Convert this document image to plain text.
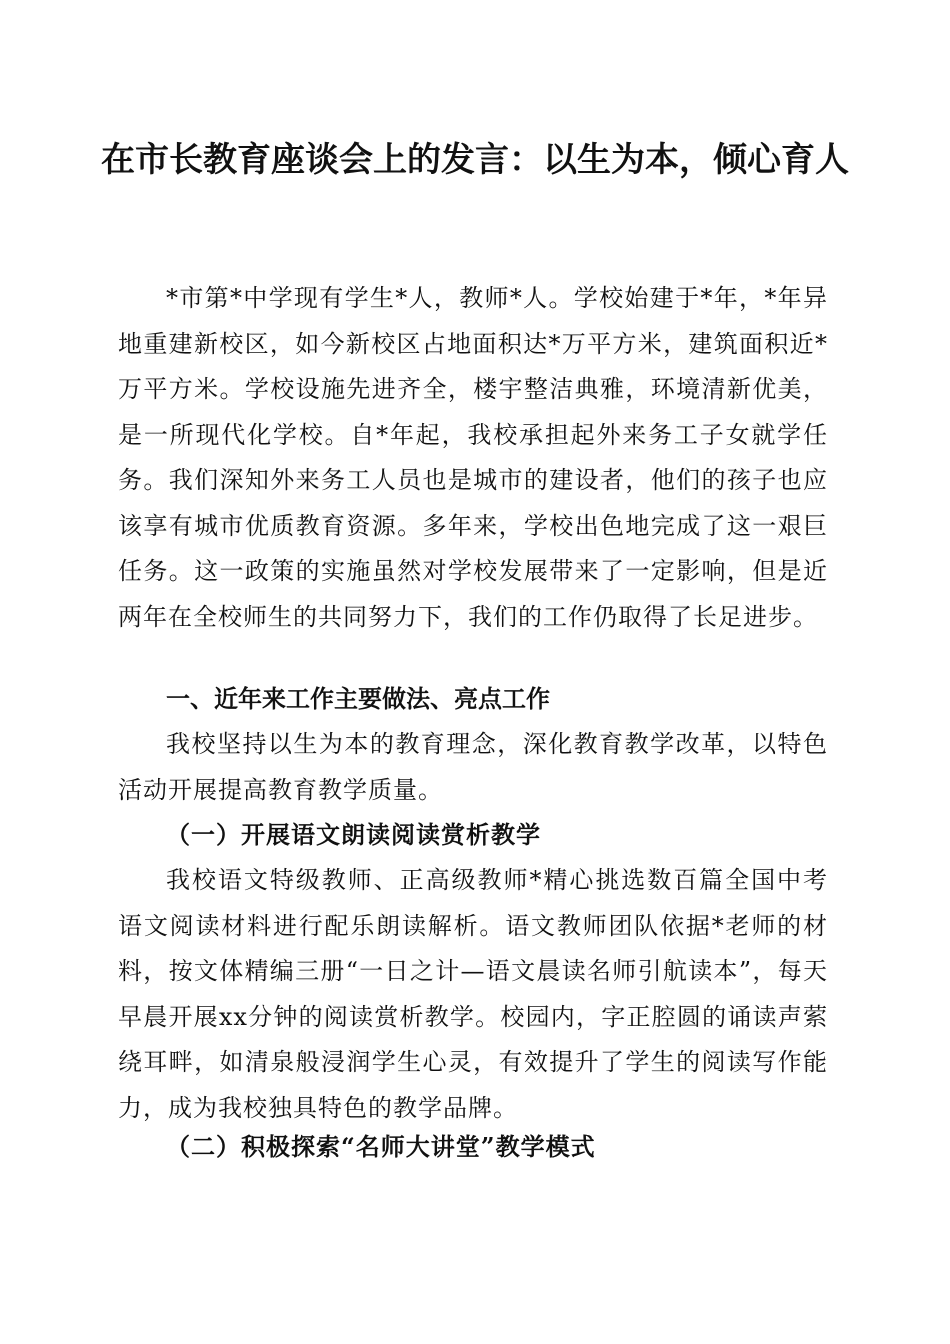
在市长教育座谈会上的发言：以生为本，倾心育人

*市第*中学现有学生*人，教师*人。学校始建于*年，*年异地重建新校区，如今新校区占地面积达*万平方米，建筑面积近*万平方米。学校设施先进齐全，楼宇整洁典雅，环境清新优美，是一所现代化学校。自*年起，我校承担起外来务工子女就学任务。我们深知外来务工人员也是城市的建设者，他们的孩子也应该享有城市优质教育资源。多年来，学校出色地完成了这一艰巨任务。这一政策的实施虽然对学校发展带来了一定影响，但是近两年在全校师生的共同努力下，我们的工作仍取得了长足进步。

一、近年来工作主要做法、亮点工作

我校坚持以生为本的教育理念，深化教育教学改革，以特色活动开展提高教育教学质量。

（一）开展语文朗读阅读赏析教学

我校语文特级教师、正高级教师*精心挑选数百篇全国中考语文阅读材料进行配乐朗读解析。语文教师团队依据*老师的材料，按文体精编三册“一日之计—语文晨读名师引航读本”，每天早晨开展xx分钟的阅读赏析教学。校园内，字正腔圆的诵读声萦绕耳畔，如清泉般浸润学生心灵，有效提升了学生的阅读写作能力，成为我校独具特色的教学品牌。

（二）积极探索“名师大讲堂”教学模式
